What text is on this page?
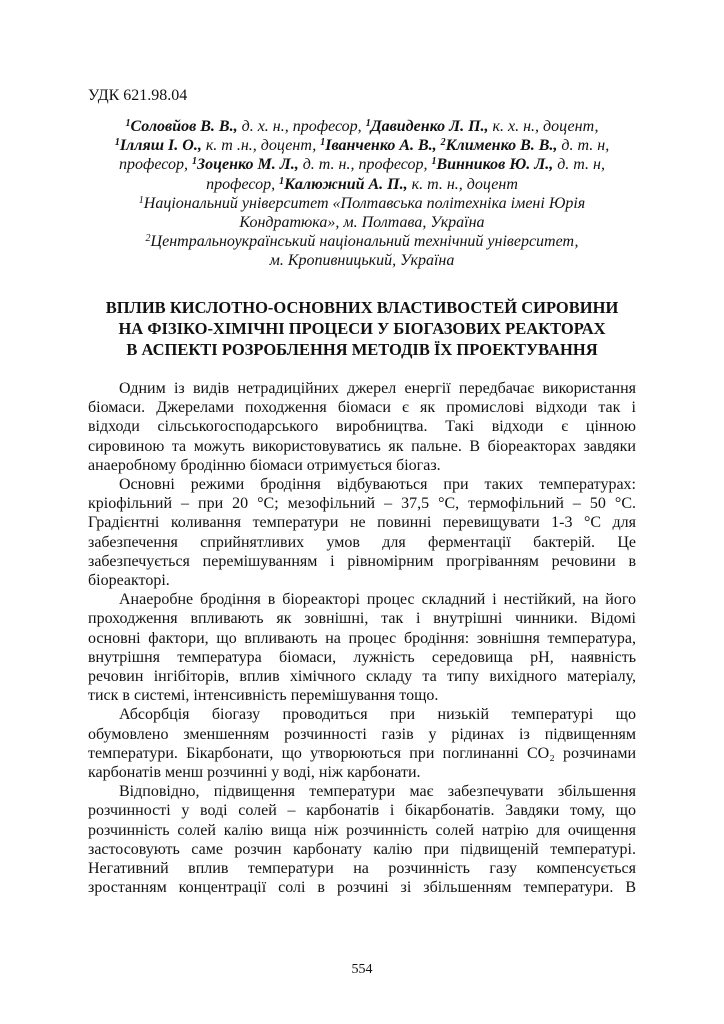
УДК 621.98.04
$^1$Соловйов В. В., д. х. н., професор, $^1$Давиденко Л. П., к. х. н., доцент,
$^1$Ілляш І. О., к. т .н., доцент, $^1$Іванченко А. В., $^2$Клименко В. В., д. т. н,
професор, $^1$Зоценко М. Л., д. т. н., професор, $^1$Винников Ю. Л., д. т. н,
професор, $^1$Калюжний А. П., к. т. н., доцент
$^1$Національний університет «Полтавська політехніка імені Юрія
Кондратюка», м. Полтава, Україна
$^2$Центральноукраїнський національний технічний університет,
м. Кропивницький, Україна
ВПЛИВ КИСЛОТНО-ОСНОВНИХ ВЛАСТИВОСТЕЙ СИРОВИНИ
НА ФІЗІКО-ХІМІЧНІ ПРОЦЕСИ У БІОГАЗОВИХ РЕАКТОРАХ
В АСПЕКТІ РОЗРОБЛЕННЯ МЕТОДІВ ЇХ ПРОЕКТУВАННЯ
Одним із видів нетрадиційних джерел енергії передбачає використання
біомаси. Джерелами походження біомаси є як промислові відходи так і
відходи сільськогосподарського виробництва. Такі відходи є цінною
сировиною та можуть використовуватись як пальне. В біореакторах завдяки
анаеробному бродінню біомаси отримується біогаз.
Основні режими бродіння відбуваються при таких температурах:
кріофільний – при 20 °С; мезофільний – 37,5 °С, термофільний – 50 °С.
Градієнтні коливання температури не повинні перевищувати 1-3 °С для
забезпечення сприйнятливих умов для ферментації бактерій. Це
забезпечується перемішуванням і рівномірним прогріванням речовини в
біореакторі.
Анаеробне бродіння в біореакторі процес складний і нестійкий, на його
проходження впливають як зовнішні, так і внутрішні чинники. Відомі
основні фактори, що впливають на процес бродіння: зовнішня температура,
внутрішня температура біомаси, лужність середовища pH, наявність
речовин інгібіторів, вплив хімічного складу та типу вихідного матеріалу,
тиск в системі, інтенсивність перемішування тощо.
Абсорбція біогазу проводиться при низькій температурі що
обумовлено зменшенням розчинності газів у рідинах із підвищенням
температури. Бікарбонати, що утворюються при поглинанні CO₂ розчинами
карбонатів менш розчинні у воді, ніж карбонати.
Відповідно, підвищення температури має забезпечувати збільшення
розчинності у воді солей – карбонатів і бікарбонатів. Завдяки тому, що
розчинність солей калію вища ніж розчинність солей натрію для очищення
застосовують саме розчин карбонату калію при підвищеній температурі.
Негативний вплив температури на розчинність газу компенсується
зростанням концентрації солі в розчині зі збільшенням температури. В
554
